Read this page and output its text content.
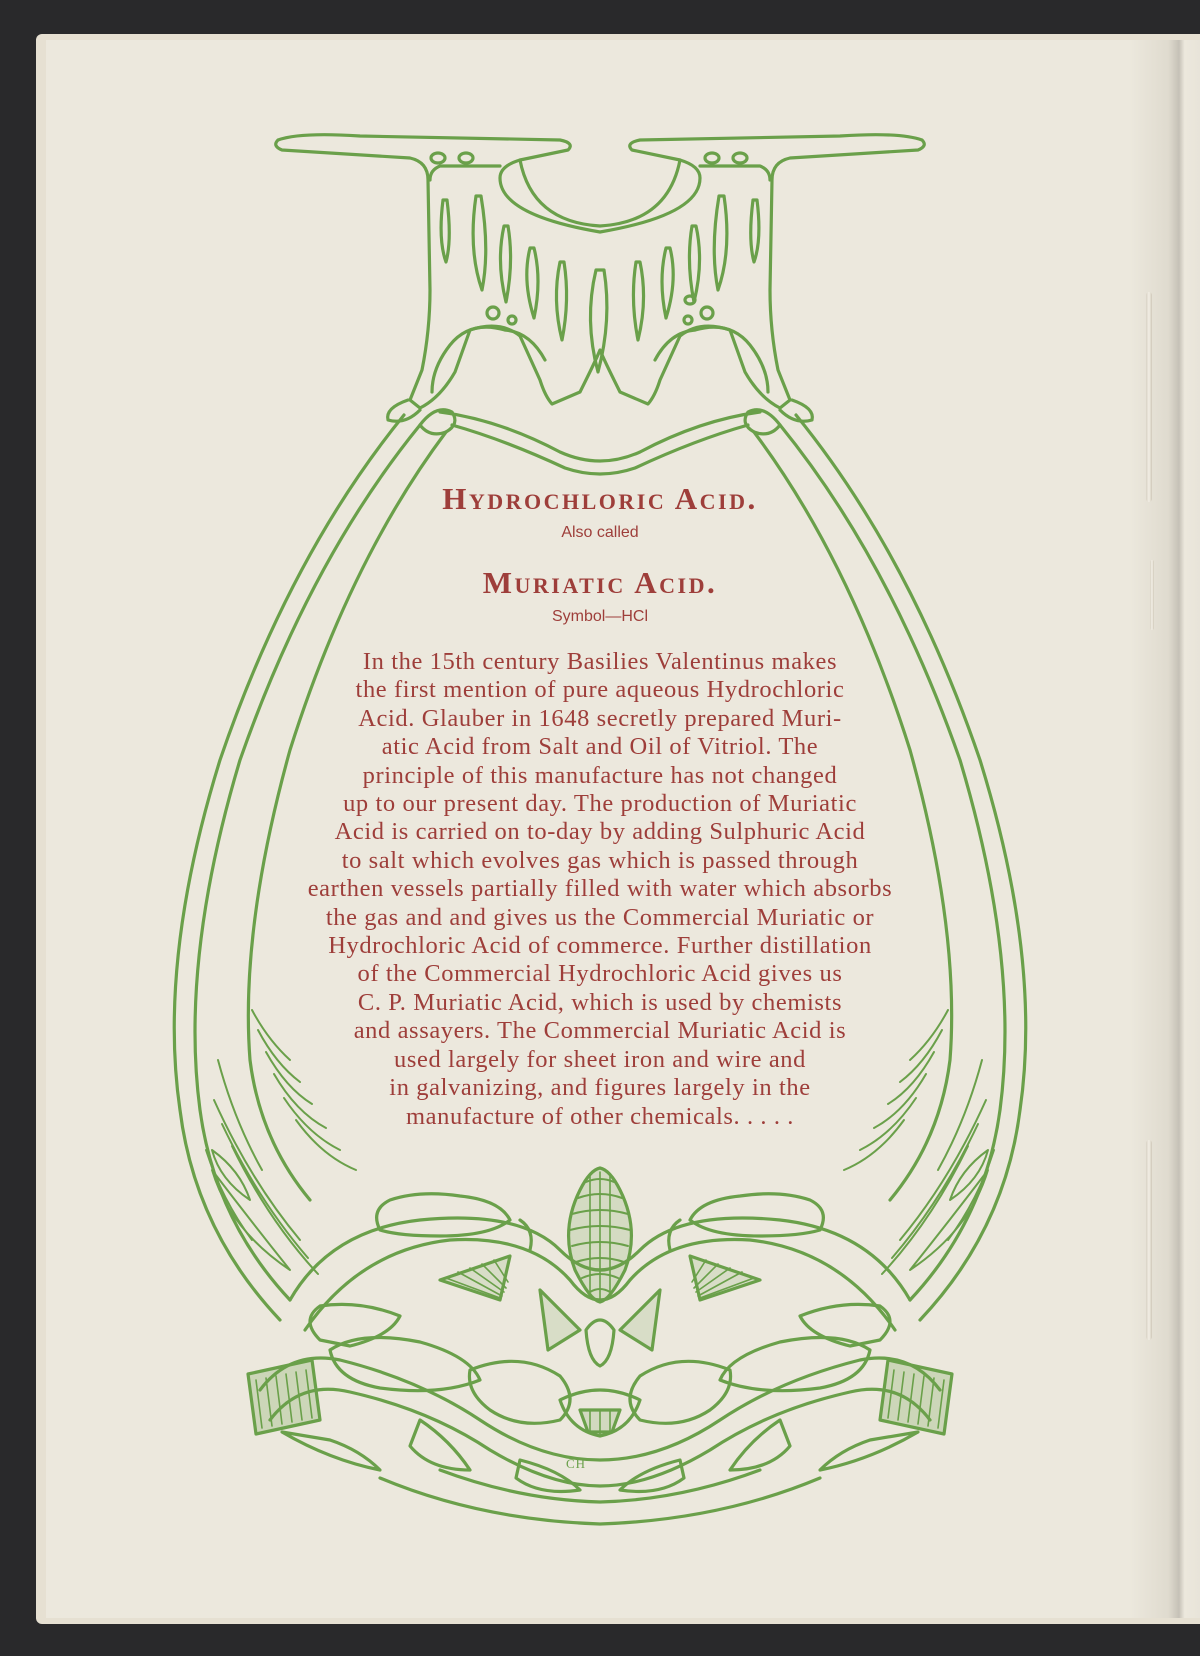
Hydrochloric Acid.

Also called

Muriatic Acid.

Symbol—HCl

In the 15th century Basilies Valentinus makes
the first mention of pure aqueous Hydrochloric
Acid. Glauber in 1648 secretly prepared Muri-
atic Acid from Salt and Oil of Vitriol. The
principle of this manufacture has not changed
up to our present day. The production of Muriatic
Acid is carried on to-day by adding Sulphuric Acid
to salt which evolves gas which is passed through
earthen vessels partially filled with water which absorbs
the gas and and gives us the Commercial Muriatic or
Hydrochloric Acid of commerce. Further distillation
of the Commercial Hydrochloric Acid gives us
C. P. Muriatic Acid, which is used by chemists
and assayers. The Commercial Muriatic Acid is
used largely for sheet iron and wire and
in galvanizing, and figures largely in the
manufacture of other chemicals. . . . .
CH
